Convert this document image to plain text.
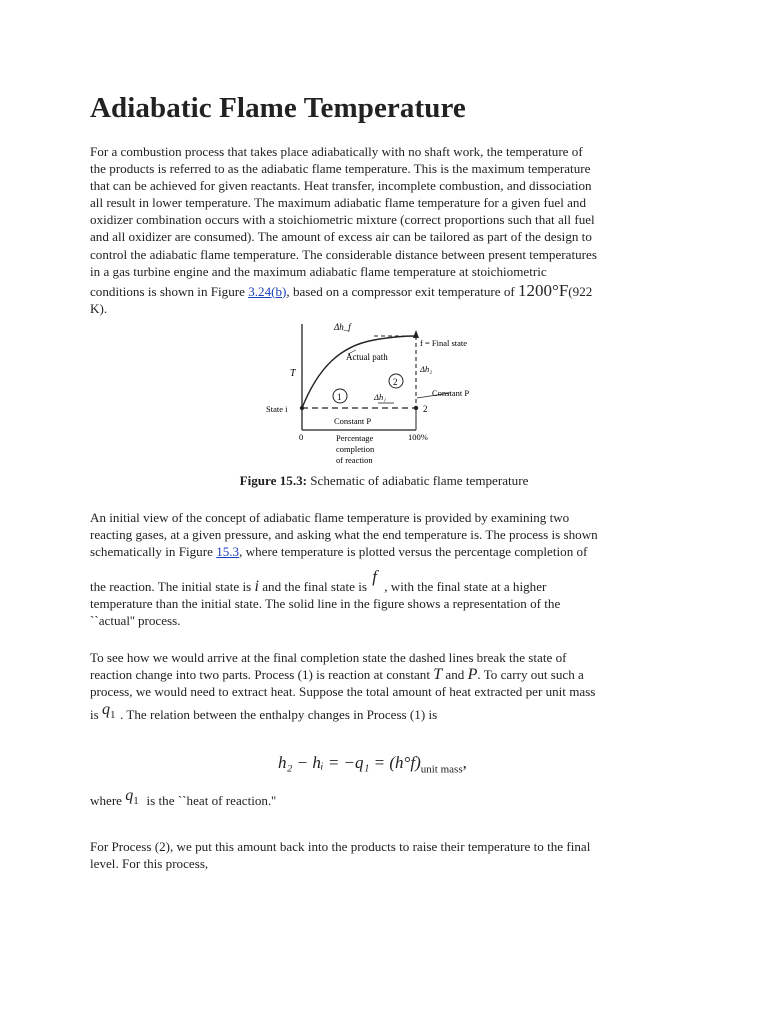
Adiabatic Flame Temperature
For a combustion process that takes place adiabatically with no shaft work, the temperature of
the products is referred to as the adiabatic flame temperature. This is the maximum temperature
that can be achieved for given reactants. Heat transfer, incomplete combustion, and dissociation
all result in lower temperature. The maximum adiabatic flame temperature for a given fuel and
oxidizer combination occurs with a stoichiometric mixture (correct proportions such that all fuel
and all oxidizer are consumed). The amount of excess air can be tailored as part of the design to
control the adiabatic flame temperature. The considerable distance between present temperatures
in a gas turbine engine and the maximum adiabatic flame temperature at stoichiometric
conditions is shown in Figure 3.24(b), based on a compressor exit temperature of 1200°F(922
K).
Δh_f
Actual path
f = Final state
T
1
2
Δh₂
Δh₁	Constant P
State i	2
Constant P
0	100%
Percentage
completion
of reaction
Figure 15.3: Schematic of adiabatic flame temperature
An initial view of the concept of adiabatic flame temperature is provided by examining two
reacting gases, at a given pressure, and asking what the end temperature is. The process is shown
schematically in Figure 15.3, where temperature is plotted versus the percentage completion of
the reaction. The initial state is i and the final state is
f
, with the final state at a higher
temperature than the initial state. The solid line in the figure shows a representation of the
``actual'' process.
To see how we would arrive at the final completion state the dashed lines break the state of
reaction change into two parts. Process (1) is reaction at constant T and P. To carry out such a
process, we would need to extract heat. Suppose the total amount of heat extracted per unit mass
is $q_1$ . The relation between the enthalpy changes in Process (1) is
h₂ − hᵢ = $-q_1 = (h^\circ f)_{unit mass}$,
where $q_1$ is the ``heat of reaction.''
For Process (2), we put this amount back into the products to raise their temperature to the final
level. For this process,
